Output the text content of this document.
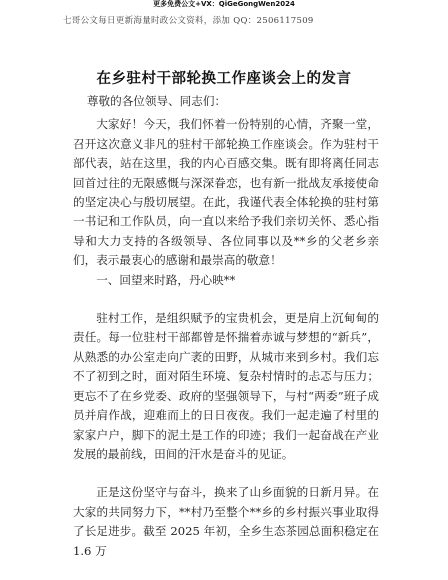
更多免费公文+VX：QiGeGongWen2024
七哥公文每日更新海量时政公文资料，添加 QQ：2506117509
在乡驻村干部轮换工作座谈会上的发言

尊敬的各位领导、同志们：

大家好！今天，我们怀着一份特别的心情，齐聚一堂，召开这次意义非凡的驻村干部轮换工作座谈会。作为驻村干部代表，站在这里，我的内心百感交集。既有即将离任同志回首过往的无限感慨与深深眷恋，也有新一批战友承接使命的坚定决心与殷切展望。在此，我谨代表全体轮换的驻村第一书记和工作队员，向一直以来给予我们亲切关怀、悉心指导和大力支持的各级领导、各位同事以及**乡的父老乡亲们，表示最衷心的感谢和最崇高的敬意！

一、回望来时路，丹心映**

驻村工作，是组织赋予的宝贵机会，更是肩上沉甸甸的责任。每一位驻村干部都曾是怀揣着赤诚与梦想的“新兵”，从熟悉的办公室走向广袤的田野，从城市来到乡村。我们忘不了初到之时，面对陌生环境、复杂村情时的忐忑与压力；更忘不了在乡党委、政府的坚强领导下，与村“两委”班子成员并肩作战，迎难而上的日日夜夜。我们一起走遍了村里的家家户户，脚下的泥土是工作的印迹；我们一起奋战在产业发展的最前线，田间的汗水是奋斗的见证。

正是这份坚守与奋斗，换来了山乡面貌的日新月异。在大家的共同努力下，**村乃至整个**乡的乡村振兴事业取得了长足进步。截至 2025 年初，全乡生态茶园总面积稳定在 1.6 万
